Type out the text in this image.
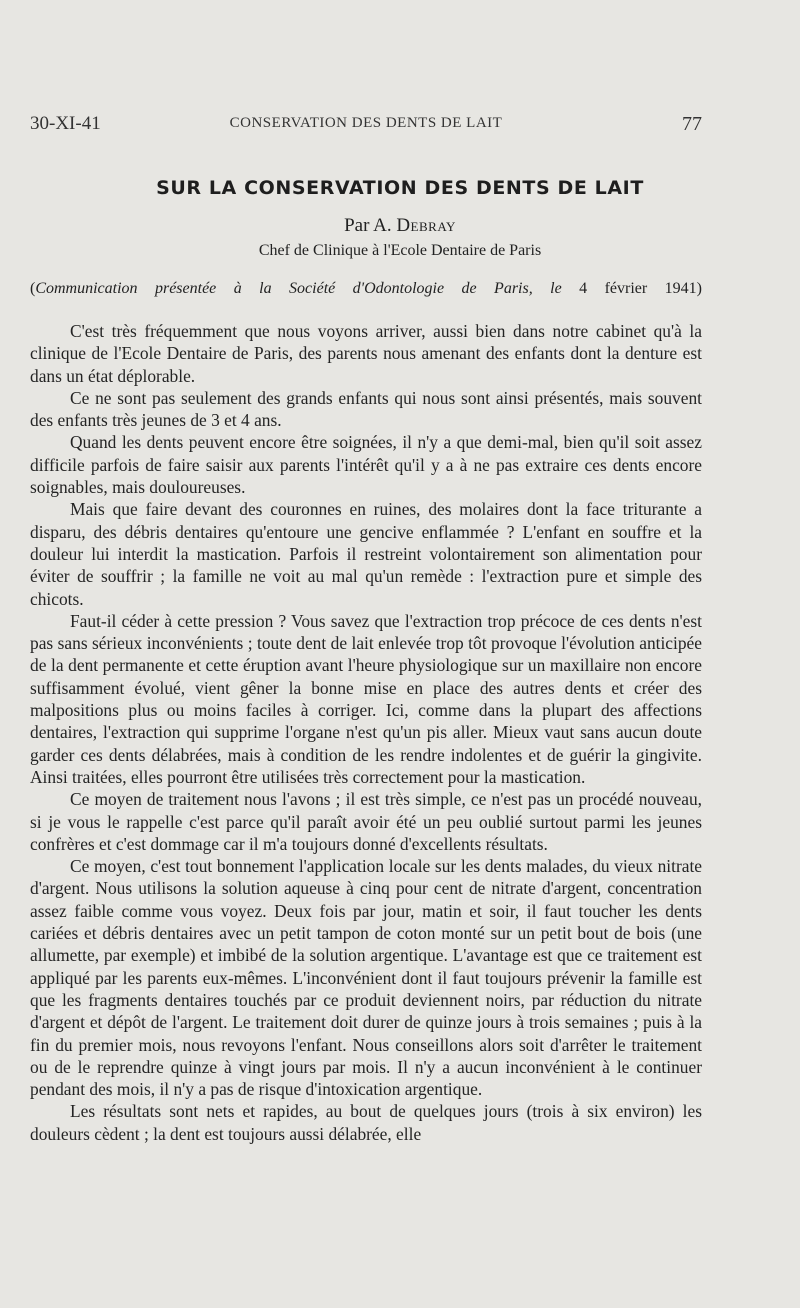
30-XI-41	CONSERVATION DES DENTS DE LAIT	77
SUR LA CONSERVATION DES DENTS DE LAIT
Par A. Debray
Chef de Clinique à l'Ecole Dentaire de Paris
(Communication présentée à la Société d'Odontologie de Paris, le 4 février 1941)

C'est très fréquemment que nous voyons arriver, aussi bien dans notre cabinet qu'à la clinique de l'Ecole Dentaire de Paris, des parents nous amenant des enfants dont la denture est dans un état déplorable.

Ce ne sont pas seulement des grands enfants qui nous sont ainsi présentés, mais souvent des enfants très jeunes de 3 et 4 ans.

Quand les dents peuvent encore être soignées, il n'y a que demi-mal, bien qu'il soit assez difficile parfois de faire saisir aux parents l'intérêt qu'il y a à ne pas extraire ces dents encore soignables, mais douloureuses.

Mais que faire devant des couronnes en ruines, des molaires dont la face triturante a disparu, des débris dentaires qu'entoure une gencive enflammée ? L'enfant en souffre et la douleur lui interdit la mastication. Parfois il restreint volontairement son alimentation pour éviter de souffrir ; la famille ne voit au mal qu'un remède : l'extraction pure et simple des chicots.

Faut-il céder à cette pression ? Vous savez que l'extraction trop précoce de ces dents n'est pas sans sérieux inconvénients ; toute dent de lait enlevée trop tôt provoque l'évolution anticipée de la dent permanente et cette éruption avant l'heure physiologique sur un maxillaire non encore suffisamment évolué, vient gêner la bonne mise en place des autres dents et créer des malpositions plus ou moins faciles à corriger. Ici, comme dans la plupart des affections dentaires, l'extraction qui supprime l'organe n'est qu'un pis aller. Mieux vaut sans aucun doute garder ces dents délabrées, mais à condition de les rendre indolentes et de guérir la gingivite. Ainsi traitées, elles pourront être utilisées très correctement pour la mastication.

Ce moyen de traitement nous l'avons ; il est très simple, ce n'est pas un procédé nouveau, si je vous le rappelle c'est parce qu'il paraît avoir été un peu oublié surtout parmi les jeunes confrères et c'est dommage car il m'a toujours donné d'excellents résultats.

Ce moyen, c'est tout bonnement l'application locale sur les dents malades, du vieux nitrate d'argent. Nous utilisons la solution aqueuse à cinq pour cent de nitrate d'argent, concentration assez faible comme vous voyez. Deux fois par jour, matin et soir, il faut toucher les dents cariées et débris dentaires avec un petit tampon de coton monté sur un petit bout de bois (une allumette, par exemple) et imbibé de la solution argentique. L'avantage est que ce traitement est appliqué par les parents eux-mêmes. L'inconvénient dont il faut toujours prévenir la famille est que les fragments dentaires touchés par ce produit deviennent noirs, par réduction du nitrate d'argent et dépôt de l'argent. Le traitement doit durer de quinze jours à trois semaines ; puis à la fin du premier mois, nous revoyons l'enfant. Nous conseillons alors soit d'arrêter le traitement ou de le reprendre quinze à vingt jours par mois. Il n'y a aucun inconvénient à le continuer pendant des mois, il n'y a pas de risque d'intoxication argentique.

Les résultats sont nets et rapides, au bout de quelques jours (trois à six environ) les douleurs cèdent ; la dent est toujours aussi délabrée, elle
